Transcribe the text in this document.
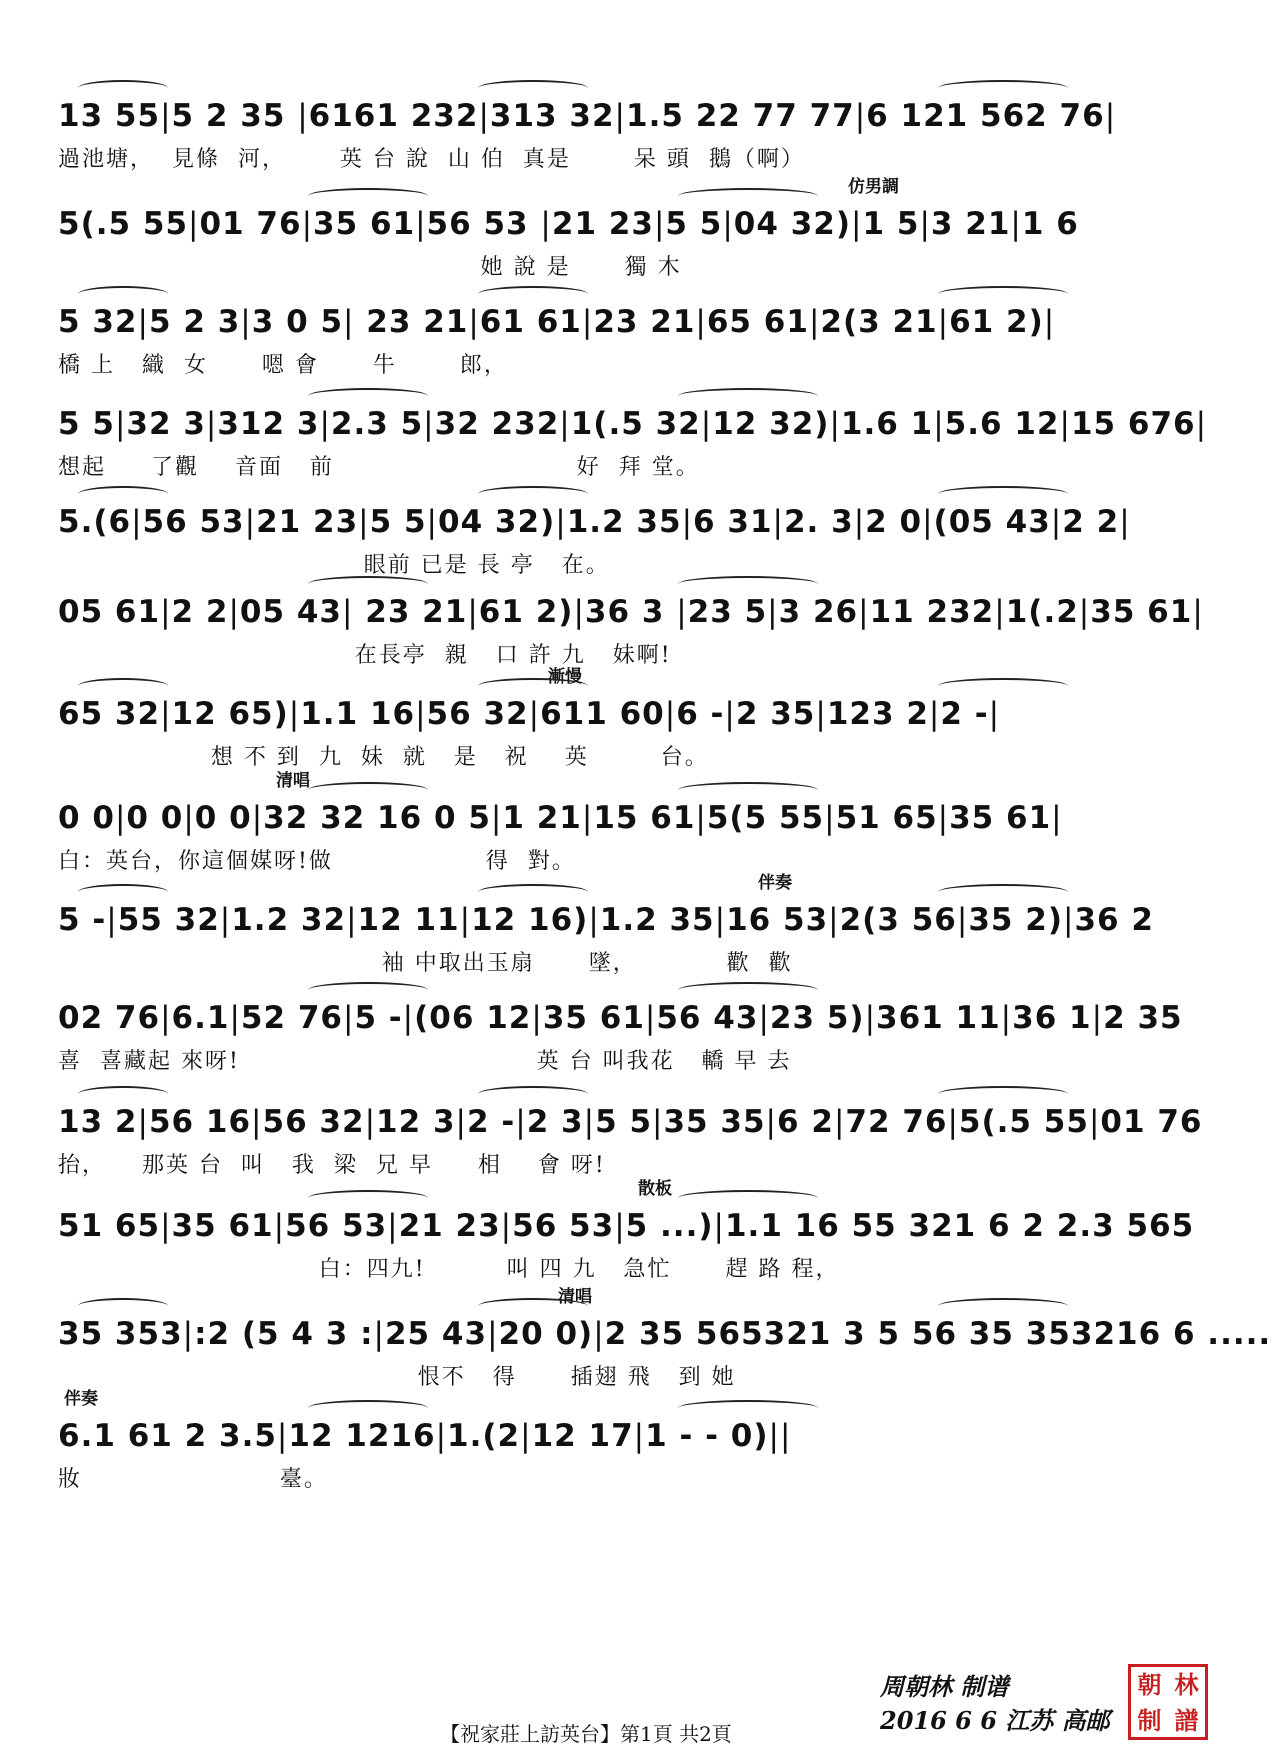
13 55|5 2 35 |6161 232|313 32|1.5 22 77 77|6 121 562 76|
過池塘，  見條  河，      英 台 說  山 伯  真是       呆 頭  鵝（啊）
仿男調
5(.5 55|01 76|35 61|56 53 |21 23|5 5|04 32)|1 5|3 21|1 6
她 說 是      獨 木
5 32|5 2 3|3 0 5| 23 21|61 61|23 21|65 61|2(3 21|61 2)|
橋 上   織  女      嗯 會      牛       郎，
5 5|32 3|312 3|2.3 5|32 232|1(.5 32|12 32)|1.6 1|5.6 12|15 676|
想起     了觀    音面   前                           好  拜 堂。
5.(6|56 53|21 23|5 5|04 32)|1.2 35|6 31|2. 3|2 0|(05 43|2 2|
眼前 已是 長 亭   在。
05 61|2 2|05 43| 23 21|61 2)|36 3 |23 5|3 26|11 232|1(.2|35 61|
在長亭  親   口 許 九   妹啊!
漸慢
65 32|12 65)|1.1 16|56 32|611 60|6 -|2 35|123 2|2 -|
想 不 到  九  妹  就   是   祝    英        台。
清唱
0 0|0 0|0 0|32 32 16 0 5|1 21|15 61|5(5 55|51 65|35 61|
白：英台，你這個媒呀!做                 得  對。
伴奏
5 -|55 32|1.2 32|12 11|12 16)|1.2 35|16 53|2(3 56|35 2)|36 2
袖 中取出玉扇      墜，          歡  歡
02 76|6.1|52 76|5 -|(06 12|35 61|56 43|23 5)|361 11|36 1|2 35
喜  喜藏起 來呀!                                 英 台 叫我花   轎 早 去
13 2|56 16|56 32|12 3|2 -|2 3|5 5|35 35|6 2|72 76|5(.5 55|01 76
抬，    那英 台  叫   我  梁  兄 早     相    會 呀!
散板
51 65|35 61|56 53|21 23|56 53|5 ...)|1.1 16 55 321 6 2 2.3 565
白：四九!         叫 四 九   急忙      趕 路 程，
清唱
35 353|:2 (5 4 3 :|25 43|20 0)|2 35 565321 3 5 56 35 353216 6 .....
恨不   得      插翅 飛   到 她
伴奏
6.1 61 2 3.5|12 1216|1.(2|12 17|1 - - 0)||
妝                      臺。
【祝家莊上訪英台】第1頁 共2頁
周朝林 制谱
2016 6 6 江苏 高邮
朝 林
制 譜
